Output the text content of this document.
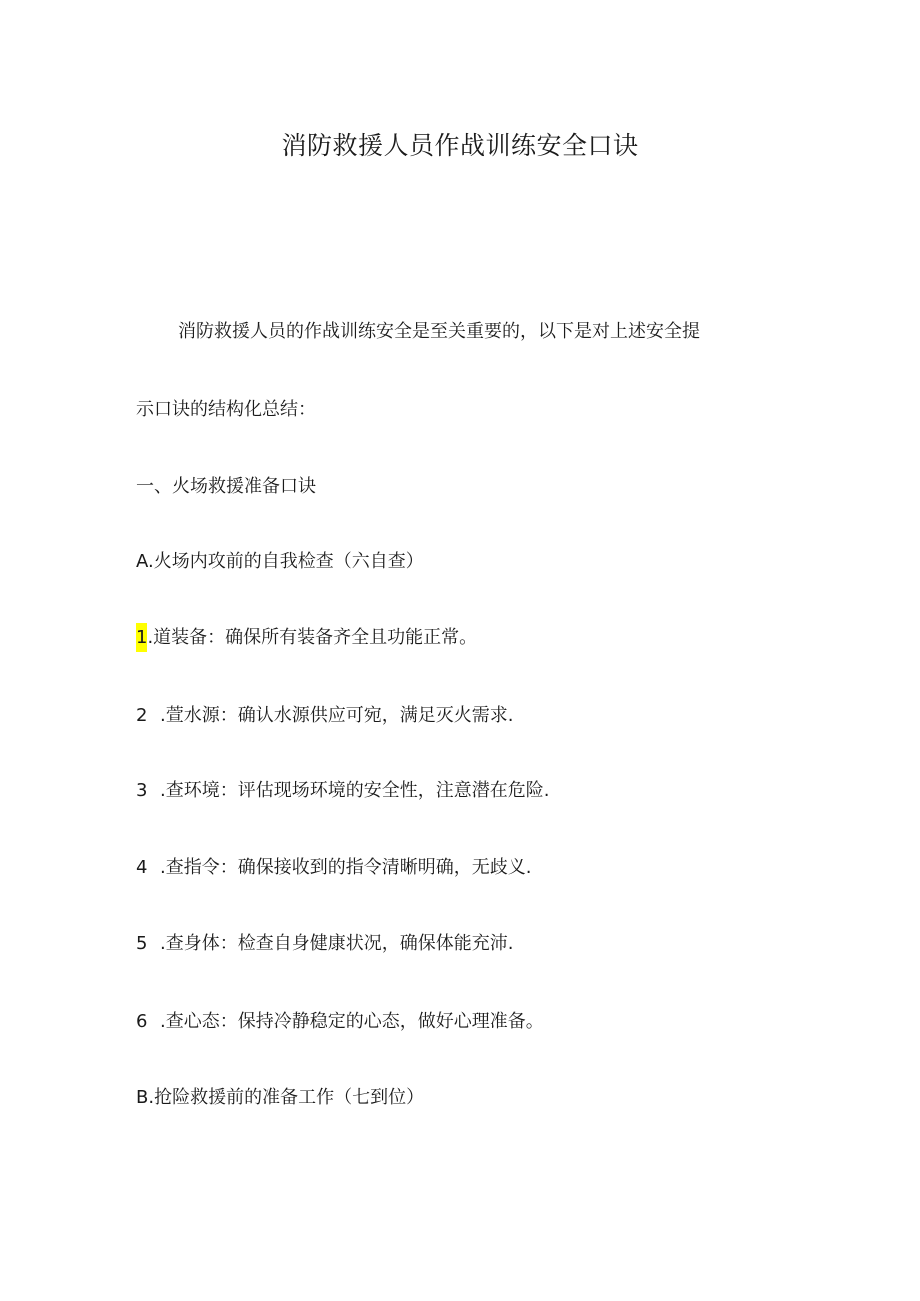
消防救援人员作战训练安全口诀
消防救援人员的作战训练安全是至关重要的，以下是对上述安全提
示口诀的结构化总结：
一、火场救援准备口诀
A.火场内攻前的自我检查（六自查）
1.道装备：确保所有装备齐全且功能正常。
2 .萱水源：确认水源供应可宛，满足灭火需求.
3 .查环境：评估现场环境的安全性，注意潜在危险.
4 .查指令：确保接收到的指令清晰明确，无歧义.
5 .查身体：检查自身健康状况，确保体能充沛.
6 .查心态：保持冷静稳定的心态，做好心理准备。
B.抢险救援前的准备工作（七到位）
